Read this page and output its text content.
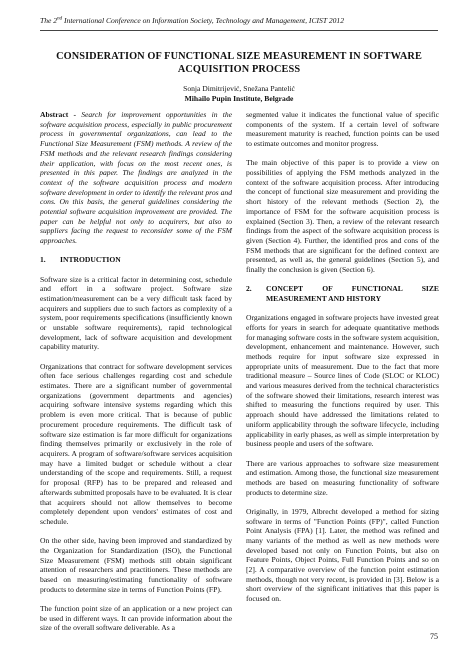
The 2nd International Conference on Information Society, Technology and Management, ICIST 2012
CONSIDERATION OF FUNCTIONAL SIZE MEASUREMENT IN SOFTWARE ACQUISITION PROCESS
Sonja Dimitrijević, Snežana Pantelić
Mihailo Pupin Institute, Belgrade

Abstract - Search for improvement opportunities in the software acquisition process, especially in public procurement process in governmental organizations, can lead to the Functional Size Measurement (FSM) methods. A review of the FSM methods and the relevant research findings considering their application, with focus on the most recent ones, is presented in this paper. The findings are analyzed in the context of the software acquisition process and modern software development in order to identify the relevant pros and cons. On this basis, the general guidelines considering the potential software acquisition improvement are provided. The paper can be helpful not only to acquirers, but also to suppliers facing the request to reconsider some of the FSM approaches.

1.	INTRODUCTION

Software size is a critical factor in determining cost, schedule and effort in a software project. Software size estimation/measurement can be a very difficult task faced by acquirers and suppliers due to such factors as complexity of a system, poor requirements specifications (insufficiently known or unstable software requirements), rapid technological development, lack of software acquisition and development capability maturity.

Organizations that contract for software development services often face serious challenges regarding cost and schedule estimates. There are a significant number of governmental organizations (government departments and agencies) acquiring software intensive systems regarding which this problem is even more critical. That is because of public procurement procedure requirements. The difficult task of software size estimation is far more difficult for organizations finding themselves primarily or exclusively in the role of acquirers. A program of software/software services acquisition may have a limited budget or schedule without a clear understanding of the scope and requirements. Still, a request for proposal (RFP) has to be prepared and released and afterwards submitted proposals have to be evaluated. It is clear that acquirers should not allow themselves to become completely dependent upon vendors' estimates of cost and schedule.

On the other side, having been improved and standardized by the Organization for Standardization (ISO), the Functional Size Measurement (FSM) methods still obtain significant attention of researchers and practitioners. These methods are based on measuring/estimating functionality of software products to determine size in terms of Function Points (FP).

The function point size of an application or a new project can be used in different ways. It can provide information about the size of the overall software deliverable. As a

segmented value it indicates the functional value of specific components of the system. If a certain level of software measurement maturity is reached, function points can be used to estimate outcomes and monitor progress.

The main objective of this paper is to provide a view on possibilities of applying the FSM methods analyzed in the context of the software acquisition process. After introducing the concept of functional size measurement and providing the short history of the relevant methods (Section 2), the importance of FSM for the software acquisition process is explained (Section 3). Then, a review of the relevant research findings from the aspect of the software acquisition process is given (Section 4). Further, the identified pros and cons of the FSM methods that are significant for the defined context are presented, as well as, the general guidelines (Section 5), and finally the conclusion is given (Section 6).

2.	CONCEPT OF FUNCTIONAL SIZE MEASUREMENT AND HISTORY

Organizations engaged in software projects have invested great efforts for years in search for adequate quantitative methods for managing software costs in the software system acquisition, development, enhancement and maintenance. However, such methods require for input software size expressed in appropriate units of measurement. Due to the fact that more traditional measure – Source lines of Code (SLOC or KLOC) and various measures derived from the technical characteristics of the software showed their limitations, research interest was shifted to measuring the functions required by user. This approach should have addressed the limitations related to uniform applicability through the software lifecycle, including applicability in early phases, as well as simple interpretation by business people and users of the software.

There are various approaches to software size measurement and estimation. Among those, the functional size measurement methods are based on measuring functionality of software products to determine size.

Originally, in 1979, Albrecht developed a method for sizing software in terms of "Function Points (FP)", called Function Point Analysis (FPA) [1]. Later, the method was refined and many variants of the method as well as new methods were developed based not only on Function Points, but also on Feature Points, Object Points, Full Function Points and so on [2]. A comparative overview of the function point estimation methods, though not very recent, is provided in [3]. Below is a short overview of the significant initiatives that this paper is focused on.

75
